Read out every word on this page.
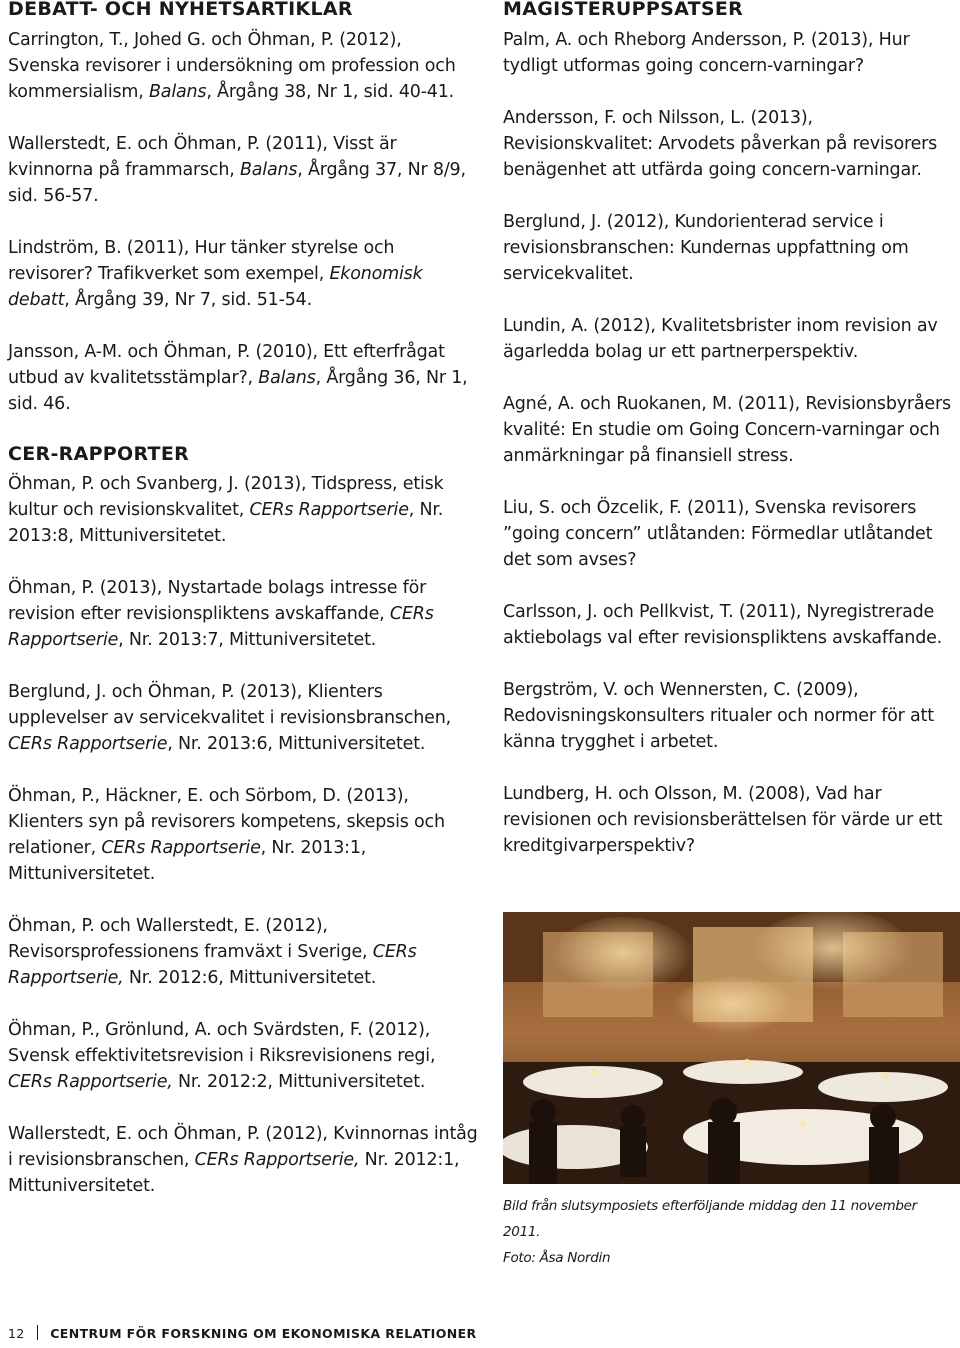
DEBATT- OCH NYHETSARTIKLAR

Carrington, T., Johed G. och Öhman, P. (2012), Svenska revisorer i undersökning om profession och kommersialism, Balans, Årgång 38, Nr 1, sid. 40-41.

Wallerstedt, E. och Öhman, P. (2011), Visst är kvinnorna på frammarsch, Balans, Årgång 37, Nr 8/9, sid. 56-57.

Lindström, B. (2011), Hur tänker styrelse och revisorer? Trafikverket som exempel, Ekonomisk debatt, Årgång 39, Nr 7, sid. 51-54.

Jansson, A-M. och Öhman, P. (2010), Ett efterfrågat utbud av kvalitetsstämplar?, Balans, Årgång 36, Nr 1, sid. 46.

CER-RAPPORTER

Öhman, P. och Svanberg, J. (2013), Tidspress, etisk kultur och revisionskvalitet, CERs Rapportserie, Nr. 2013:8, Mittuniversitetet.

Öhman, P. (2013), Nystartade bolags intresse för revision efter revisionspliktens avskaffande, CERs Rapportserie, Nr. 2013:7, Mittuniversitetet.

Berglund, J. och Öhman, P. (2013), Klienters upplevelser av servicekvalitet i revisionsbranschen, CERs Rapportserie, Nr. 2013:6, Mittuniversitetet.

Öhman, P., Häckner, E. och Sörbom, D. (2013), Klienters syn på revisorers kompetens, skepsis och relationer, CERs Rapportserie, Nr. 2013:1, Mittuniversitetet.

Öhman, P. och Wallerstedt, E. (2012), Revisorsprofessionens framväxt i Sverige, CERs Rapportserie, Nr. 2012:6, Mittuniversitetet.

Öhman, P., Grönlund, A. och Svärdsten, F. (2012), Svensk effektivitetsrevision i Riksrevisionens regi, CERs Rapportserie, Nr. 2012:2, Mittuniversitetet.

Wallerstedt, E. och Öhman, P. (2012), Kvinnornas intåg i revisionsbranschen, CERs Rapportserie, Nr. 2012:1, Mittuniversitetet.

MAGISTERUPPSATSER

Palm, A. och Rheborg Andersson, P. (2013), Hur tydligt utformas going concern-varningar?

Andersson, F. och Nilsson, L. (2013), Revisionskvalitet: Arvodets påverkan på revisorers benägenhet att utfärda going concern-varningar.

Berglund, J. (2012), Kundorienterad service i revisionsbranschen: Kundernas uppfattning om servicekvalitet.

Lundin, A. (2012), Kvalitetsbrister inom revision av ägarledda bolag ur ett partnerperspektiv.

Agné, A. och Ruokanen, M. (2011), Revisionsbyråers kvalité: En studie om Going Concern-varningar och anmärkningar på finansiell stress.

Liu, S. och Özcelik, F. (2011), Svenska revisorers ”going concern” utlåtanden: Förmedlar utlåtandet det som avses?

Carlsson, J. och Pellkvist, T. (2011), Nyregistrerade aktiebolags val efter revisionspliktens avskaffande.

Bergström, V. och Wennersten, C. (2009), Redovisningskonsulters ritualer och normer för att känna trygghet i arbetet.

Lundberg, H. och Olsson, M. (2008), Vad har revisionen och revisionsberättelsen för värde ur ett kreditgivarperspektiv?

Bild från slutsymposiets efterföljande middag den 11 november 2011.
Foto: Åsa Nordin
12 CENTRUM FÖR FORSKNING OM EKONOMISKA RELATIONER
